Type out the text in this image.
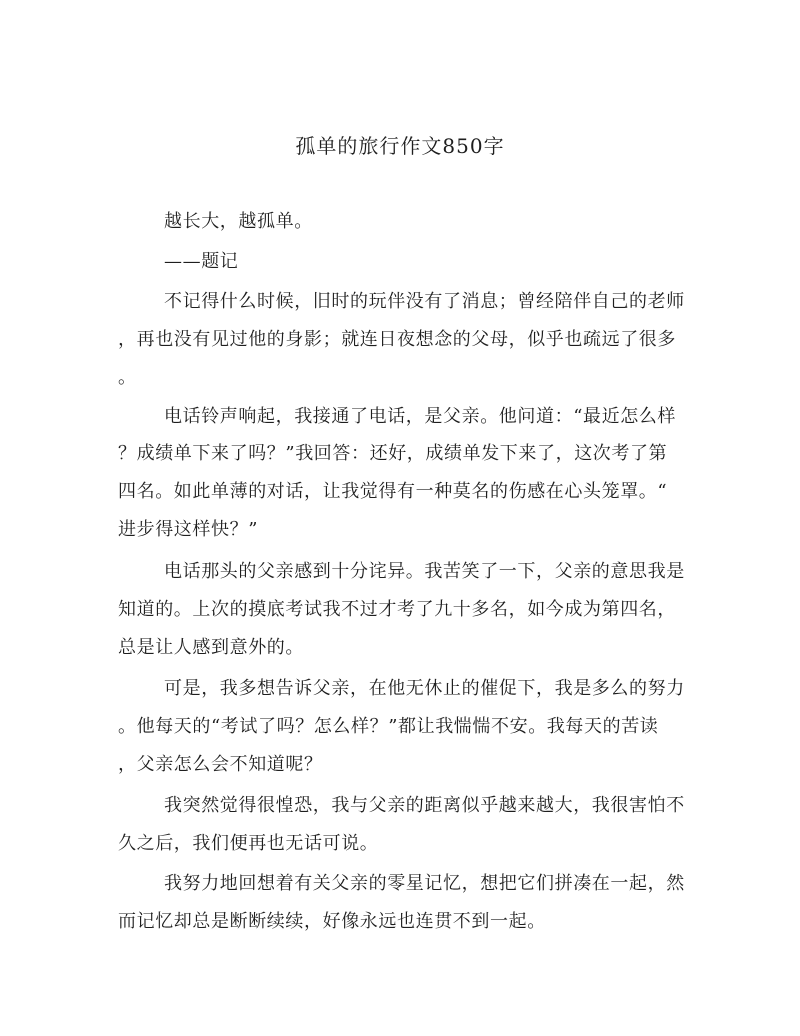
孤单的旅行作文850字
越长大，越孤单。
——题记
不记得什么时候，旧时的玩伴没有了消息；曾经陪伴自己的老师
，再也没有见过他的身影；就连日夜想念的父母，似乎也疏远了很多
。
电话铃声响起，我接通了电话，是父亲。他问道：“最近怎么样
？成绩单下来了吗？”我回答：还好，成绩单发下来了，这次考了第
四名。如此单薄的对话，让我觉得有一种莫名的伤感在心头笼罩。“
进步得这样快？”
电话那头的父亲感到十分诧异。我苦笑了一下，父亲的意思我是
知道的。上次的摸底考试我不过才考了九十多名，如今成为第四名，
总是让人感到意外的。
可是，我多想告诉父亲，在他无休止的催促下，我是多么的努力
。他每天的“考试了吗？怎么样？”都让我惴惴不安。我每天的苦读
，父亲怎么会不知道呢？
我突然觉得很惶恐，我与父亲的距离似乎越来越大，我很害怕不
久之后，我们便再也无话可说。
我努力地回想着有关父亲的零星记忆，想把它们拼凑在一起，然
而记忆却总是断断续续，好像永远也连贯不到一起。
